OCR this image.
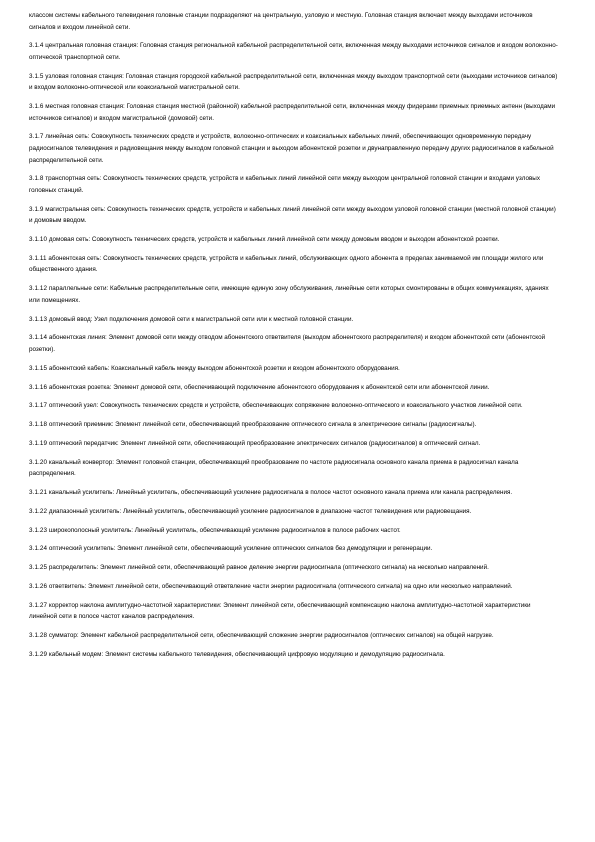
классом системы кабельного телевидения головные станции подразделяют на центральную, узловую и местную. Головная станция включает между выходами источников сигналов и входом линейной сети.

3.1.4 центральная головная станция: Головная станция региональной кабельной распределительной сети, включенная между выходами источников сигналов и входом волоконно-оптической транспортной сети.

3.1.5 узловая головная станция: Головная станция городской кабельной распределительной сети, включенная между выходом транспортной сети (выходами источников сигналов) и входом волоконно-оптической или коаксиальной магистральной сети.

3.1.6 местная головная станция: Головная станция местной (районной) кабельной распределительной сети, включенная между фидерами приемных приемных антенн (выходами источников сигналов) и входом магистральной (домовой) сети.

3.1.7 линейная сеть: Совокупность технических средств и устройств, волоконно-оптических и коаксиальных кабельных линий, обеспечивающих одновременную передачу радиосигналов телевидения и радиовещания между выходом головной станции и выходом абонентской розетки и двунаправленную передачу других радиосигналов в кабельной распределительной сети.

3.1.8 транспортная сеть: Совокупность технических средств, устройств и кабельных линий линейной сети между выходом центральной головной станции и входами узловых головных станций.

3.1.9 магистральная сеть: Совокупность технических средств, устройств и кабельных линий линейной сети между выходом узловой головной станции (местной головной станции) и домовым вводом.

3.1.10 домовая сеть: Совокупность технических средств, устройств и кабельных линий линейной сети между домовым вводом и выходом абонентской розетки.

3.1.11 абонентская сеть: Совокупность технических средств, устройств и кабельных линий, обслуживающих одного абонента в пределах занимаемой им площади жилого или общественного здания.

3.1.12 параллельные сети: Кабельные распределительные сети, имеющие единую зону обслуживания, линейные сети которых смонтированы в общих коммуникациях, зданиях или помещениях.

3.1.13 домовый ввод: Узел подключения домовой сети к магистральной сети или к местной головной станции.

3.1.14 абонентская линия: Элемент домовой сети между отводом абонентского ответвителя (выходом абонентского распределителя) и входом абонентской сети (абонентской розетки).

3.1.15 абонентский кабель: Коаксиальный кабель между выходом абонентской розетки и входом абонентского оборудования.

3.1.16 абонентская розетка: Элемент домовой сети, обеспечивающий подключение абонентского оборудования к абонентской сети или абонентской линии.

3.1.17 оптический узел: Совокупность технических средств и устройств, обеспечивающих сопряжение волоконно-оптического и коаксиального участков линейной сети.

3.1.18 оптический приемник: Элемент линейной сети, обеспечивающий преобразование оптического сигнала в электрические сигналы (радиосигналы).

3.1.19 оптический передатчик: Элемент линейной сети, обеспечивающий преобразование электрических сигналов (радиосигналов) в оптический сигнал.

3.1.20 канальный конвертор: Элемент головной станции, обеспечивающий преобразование по частоте радиосигнала основного канала приема в радиосигнал канала распределения.

3.1.21 канальный усилитель: Линейный усилитель, обеспечивающий усиление радиосигнала в полосе частот основного канала приема или канала распределения.

3.1.22 диапазонный усилитель: Линейный усилитель, обеспечивающий усиление радиосигналов в диапазоне частот телевидения или радиовещания.

3.1.23 широкополосный усилитель: Линейный усилитель, обеспечивающий усиление радиосигналов в полосе рабочих частот.

3.1.24 оптический усилитель: Элемент линейной сети, обеспечивающий усиление оптических сигналов без демодуляции и регенерации.

3.1.25 распределитель: Элемент линейной сети, обеспечивающий равное деление энергии радиосигнала (оптического сигнала) на несколько направлений.

3.1.26 ответвитель: Элемент линейной сети, обеспечивающий ответвление части энергии радиосигнала (оптического сигнала) на одно или несколько направлений.

3.1.27 корректор наклона амплитудно-частотной характеристики: Элемент линейной сети, обеспечивающий компенсацию наклона амплитудно-частотной характеристики линейной сети в полосе частот каналов распределения.

3.1.28 сумматор: Элемент кабельной распределительной сети, обеспечивающий сложение энергии радиосигналов (оптических сигналов) на общей нагрузке.

3.1.29 кабельный модем: Элемент системы кабельного телевидения, обеспечивающий цифровую модуляцию и демодуляцию радиосигнала.
